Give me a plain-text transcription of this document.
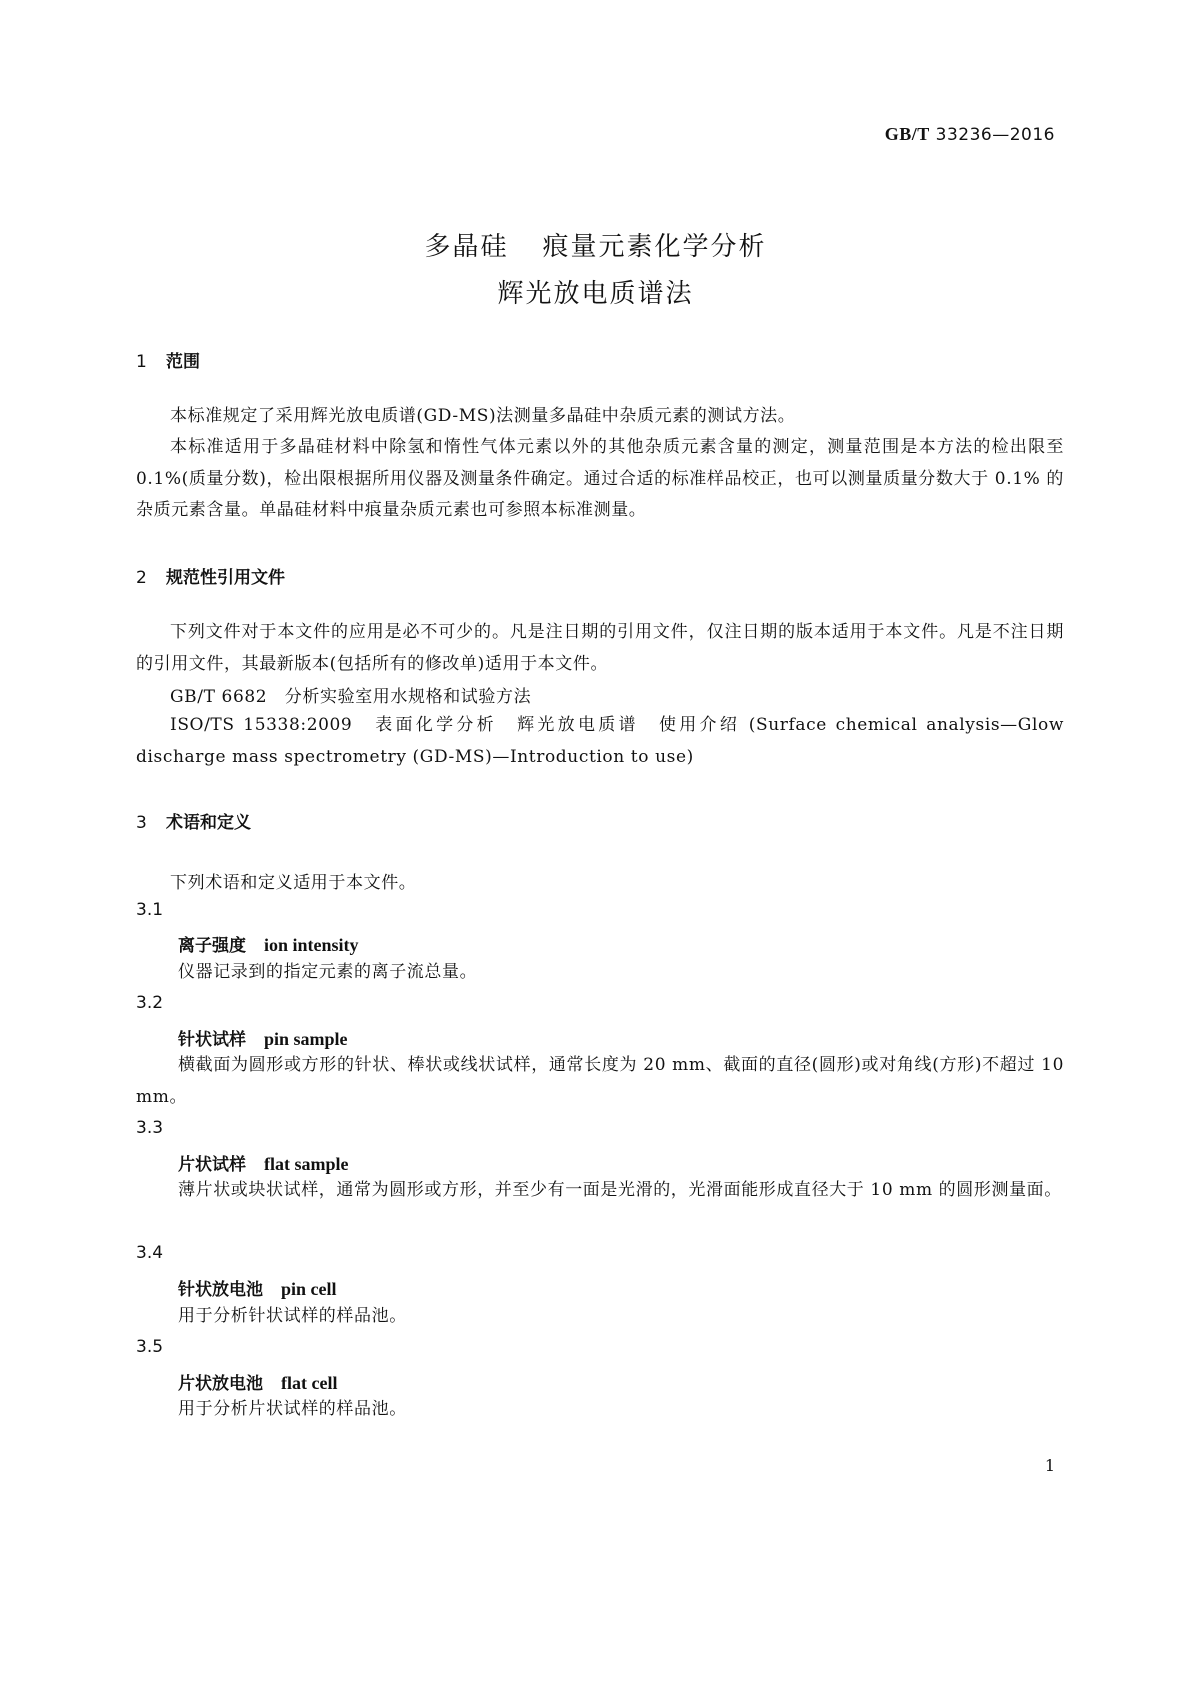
GB/T 33236—2016
多晶硅 痕量元素化学分析
辉光放电质谱法
1 范围
本标准规定了采用辉光放电质谱(GD-MS)法测量多晶硅中杂质元素的测试方法。
本标准适用于多晶硅材料中除氢和惰性气体元素以外的其他杂质元素含量的测定，测量范围是本方法的检出限至 0.1%(质量分数)，检出限根据所用仪器及测量条件确定。通过合适的标准样品校正，也可以测量质量分数大于 0.1% 的杂质元素含量。单晶硅材料中痕量杂质元素也可参照本标准测量。
2 规范性引用文件
下列文件对于本文件的应用是必不可少的。凡是注日期的引用文件，仅注日期的版本适用于本文件。凡是不注日期的引用文件，其最新版本(包括所有的修改单)适用于本文件。
GB/T 6682　分析实验室用水规格和试验方法
ISO/TS 15338:2009　表面化学分析　辉光放电质谱　使用介绍 (Surface chemical analysis—Glow discharge mass spectrometry (GD-MS)—Introduction to use)
3 术语和定义
下列术语和定义适用于本文件。
3.1
离子强度 ion intensity
仪器记录到的指定元素的离子流总量。
3.2
针状试样 pin sample
横截面为圆形或方形的针状、棒状或线状试样，通常长度为 20 mm、截面的直径(圆形)或对角线(方形)不超过 10 mm。
3.3
片状试样 flat sample
薄片状或块状试样，通常为圆形或方形，并至少有一面是光滑的，光滑面能形成直径大于 10 mm 的圆形测量面。
3.4
针状放电池 pin cell
用于分析针状试样的样品池。
3.5
片状放电池 flat cell
用于分析片状试样的样品池。
1
